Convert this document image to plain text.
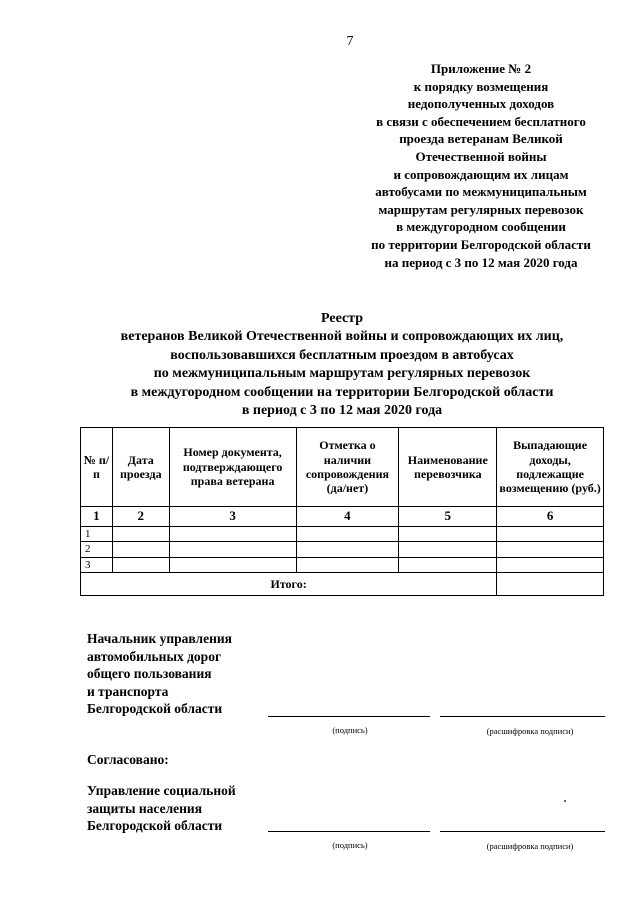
7
Приложение № 2
к порядку возмещения
недополученных доходов
в связи с обеспечением бесплатного
проезда ветеранам Великой
Отечественной войны
и сопровождающим их лицам
автобусами по межмуниципальным
маршрутам регулярных перевозок
в междугородном сообщении
по территории Белгородской области
на период с 3 по 12 мая 2020 года
Реестр
ветеранов Великой Отечественной войны и сопровождающих их лиц,
воспользовавшихся бесплатным проездом в автобусах
по межмуниципальным маршрутам регулярных перевозок
в междугородном сообщении на территории Белгородской области
в период с 3 по 12 мая 2020 года
№ п/п	Дата проезда	Номер документа, подтверждающего права ветерана	Отметка о наличии сопровождения (да/нет)	Наименование перевозчика	Выпадающие доходы, подлежащие возмещению (руб.)
1	2	3	4	5	6
1					
2					
3					
Итого:					
Начальник управления
автомобильных дорог
общего пользования
и транспорта
Белгородской области
(подпись)	(расшифровка подписи)
Согласовано:
Управление социальной
защиты населения
Белгородской области
(подпись)	(расшифровка подписи)
